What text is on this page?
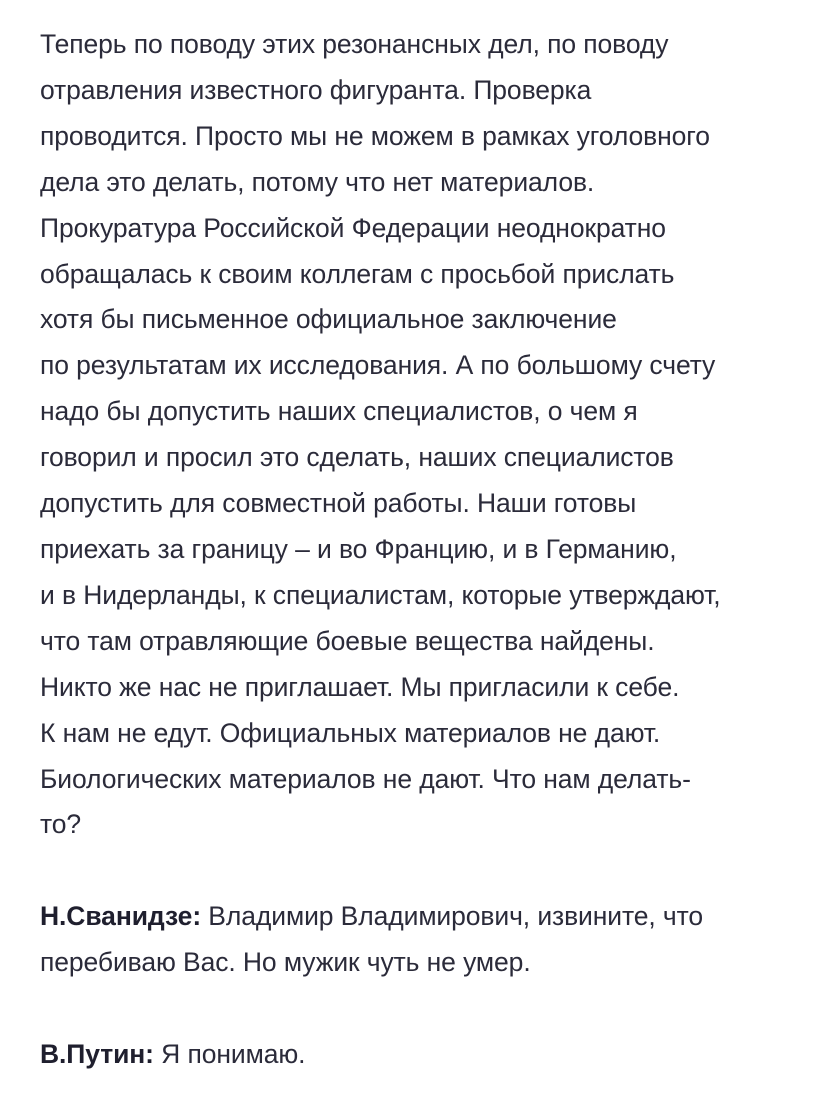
Теперь по поводу этих резонансных дел, по поводу
отравления известного фигуранта. Проверка
проводится. Просто мы не можем в рамках уголовного
дела это делать, потому что нет материалов.
Прокуратура Российской Федерации неоднократно
обращалась к своим коллегам с просьбой прислать
хотя бы письменное официальное заключение
по результатам их исследования. А по большому счету
надо бы допустить наших специалистов, о чем я
говорил и просил это сделать, наших специалистов
допустить для совместной работы. Наши готовы
приехать за границу – и во Францию, и в Германию,
и в Нидерланды, к специалистам, которые утверждают,
что там отравляющие боевые вещества найдены.
Никто же нас не приглашает. Мы пригласили к себе.
К нам не едут. Официальных материалов не дают.
Биологических материалов не дают. Что нам делать-
то?

Н.Сванидзе: Владимир Владимирович, извините, что
перебиваю Вас. Но мужик чуть не умер.

В.Путин: Я понимаю.
